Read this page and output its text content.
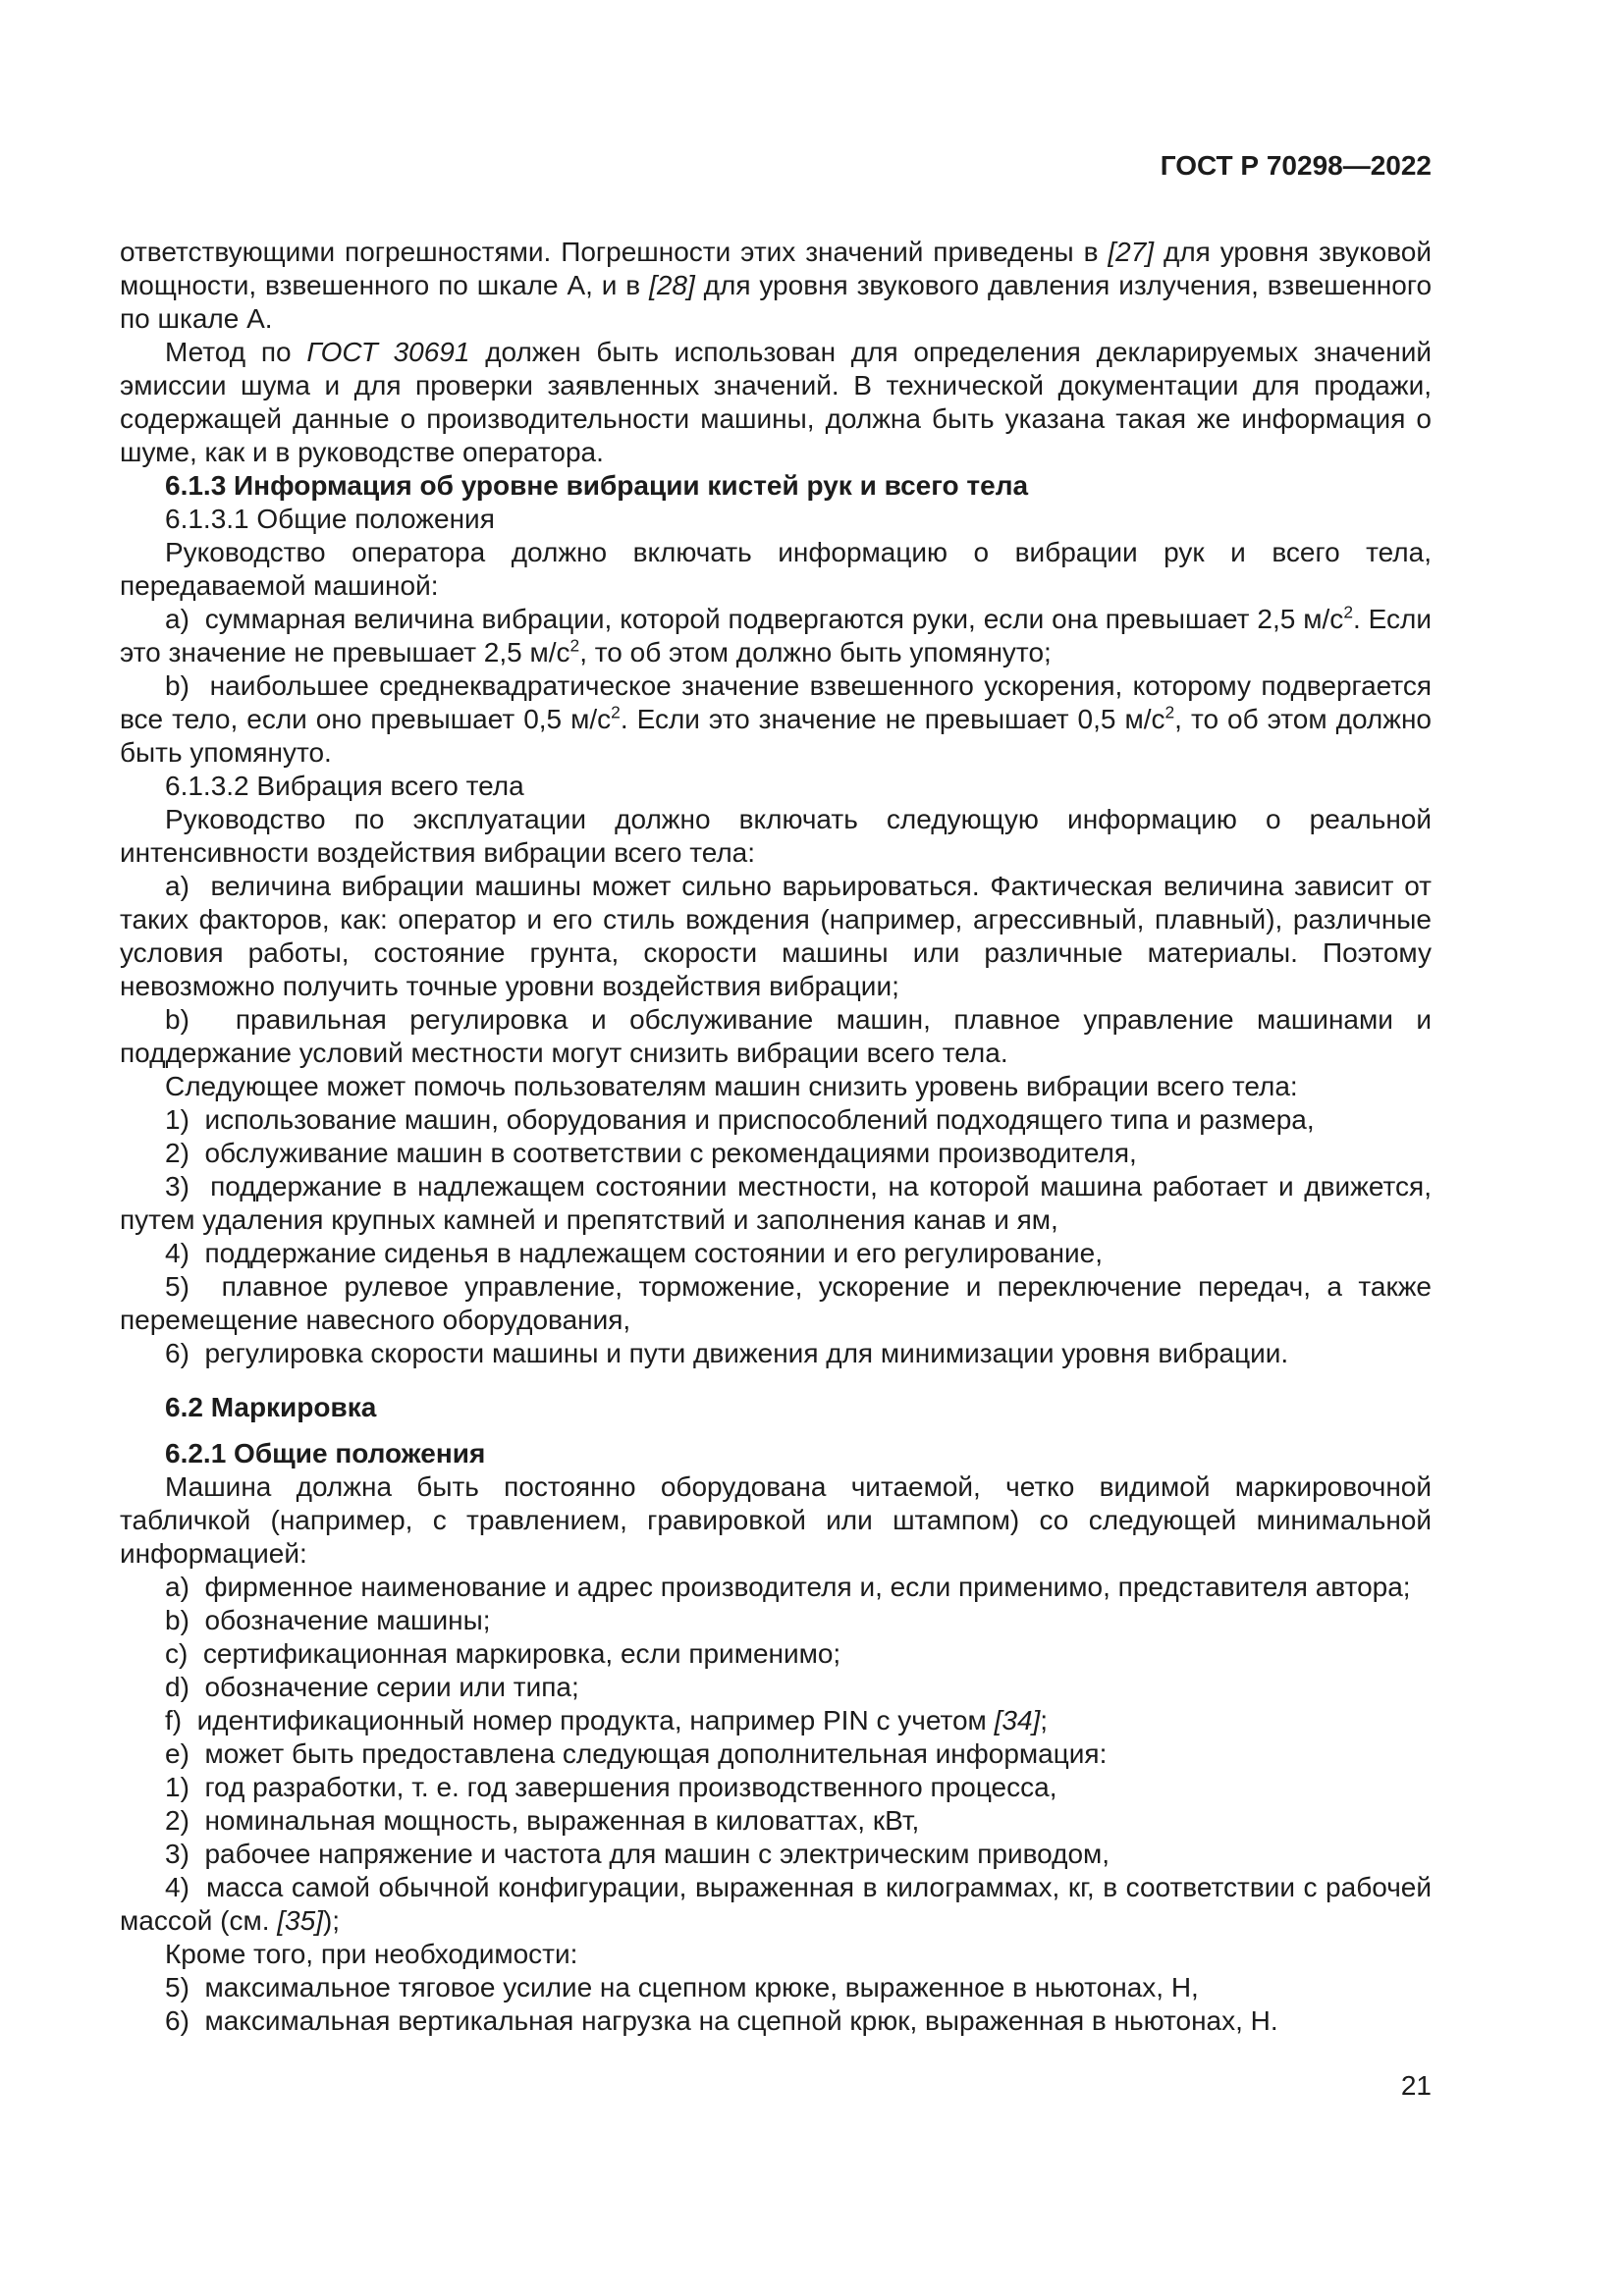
ГОСТ Р 70298—2022
ответствующими погрешностями. Погрешности этих значений приведены в [27] для уровня звуковой мощности, взвешенного по шкале А, и в [28] для уровня звукового давления излучения, взвешенного по шкале А.
Метод по ГОСТ 30691 должен быть использован для определения декларируемых значений эмиссии шума и для проверки заявленных значений. В технической документации для продажи, содержащей данные о производительности машины, должна быть указана такая же информация о шуме, как и в руководстве оператора.
6.1.3 Информация об уровне вибрации кистей рук и всего тела
6.1.3.1 Общие положения
Руководство оператора должно включать информацию о вибрации рук и всего тела, передаваемой машиной:
a)  суммарная величина вибрации, которой подвергаются руки, если она превышает 2,5 $м/с^2$. Если это значение не превышает 2,5 $м/с^2$, то об этом должно быть упомянуто;
b)  наибольшее среднеквадратическое значение взвешенного ускорения, которому подвергается все тело, если оно превышает 0,5 $м/с^2$. Если это значение не превышает 0,5 $м/с^2$, то об этом должно быть упомянуто.
6.1.3.2 Вибрация всего тела
Руководство по эксплуатации должно включать следующую информацию о реальной интенсивности воздействия вибрации всего тела:
a)  величина вибрации машины может сильно варьироваться. Фактическая величина зависит от таких факторов, как: оператор и его стиль вождения (например, агрессивный, плавный), различные условия работы, состояние грунта, скорости машины или различные материалы. Поэтому невозможно получить точные уровни воздействия вибрации;
b)  правильная регулировка и обслуживание машин, плавное управление машинами и поддержание условий местности могут снизить вибрации всего тела.
Следующее может помочь пользователям машин снизить уровень вибрации всего тела:
1)  использование машин, оборудования и приспособлений подходящего типа и размера,
2)  обслуживание машин в соответствии с рекомендациями производителя,
3)  поддержание в надлежащем состоянии местности, на которой машина работает и движется, путем удаления крупных камней и препятствий и заполнения канав и ям,
4)  поддержание сиденья в надлежащем состоянии и его регулирование,
5)  плавное рулевое управление, торможение, ускорение и переключение передач, а также перемещение навесного оборудования,
6)  регулировка скорости машины и пути движения для минимизации уровня вибрации.
6.2 Маркировка
6.2.1 Общие положения
Машина должна быть постоянно оборудована читаемой, четко видимой маркировочной табличкой (например, с травлением, гравировкой или штампом) со следующей минимальной информацией:
a)  фирменное наименование и адрес производителя и, если применимо, представителя автора;
b)  обозначение машины;
c)  сертификационная маркировка, если применимо;
d)  обозначение серии или типа;
f)  идентификационный номер продукта, например PIN с учетом [34];
e)  может быть предоставлена следующая дополнительная информация:
1)  год разработки, т. е. год завершения производственного процесса,
2)  номинальная мощность, выраженная в киловаттах, кВт,
3)  рабочее напряжение и частота для машин с электрическим приводом,
4)  масса самой обычной конфигурации, выраженная в килограммах, кг, в соответствии с рабочей массой (см. [35]);
Кроме того, при необходимости:
5)  максимальное тяговое усилие на сцепном крюке, выраженное в ньютонах, Н,
6)  максимальная вертикальная нагрузка на сцепной крюк, выраженная в ньютонах, Н.
21
